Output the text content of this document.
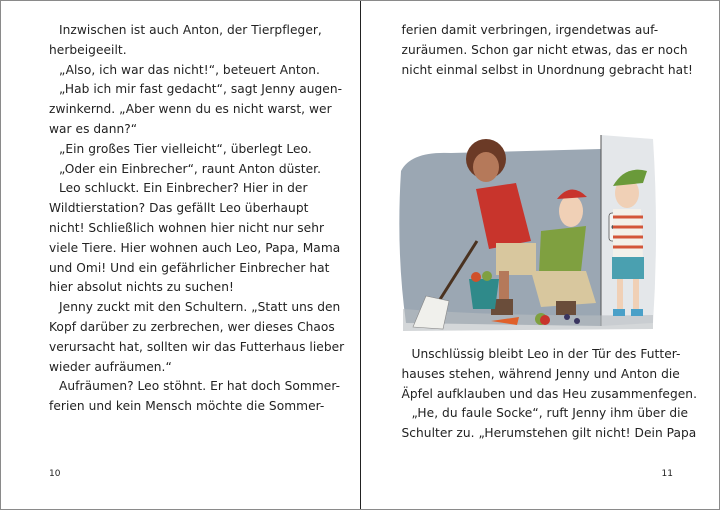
Inzwischen ist auch Anton, der Tierpfleger,
herbeigeeilt.
„Also, ich war das nicht!“, beteuert Anton.
„Hab ich mir fast gedacht“, sagt Jenny augen-
zwinkernd. „Aber wenn du es nicht warst, wer
war es dann?“
„Ein großes Tier vielleicht“, überlegt Leo.
„Oder ein Einbrecher“, raunt Anton düster.
Leo schluckt. Ein Einbrecher? Hier in der
Wildtierstation? Das gefällt Leo überhaupt
nicht! Schließlich wohnen hier nicht nur sehr
viele Tiere. Hier wohnen auch Leo, Papa, Mama
und Omi! Und ein gefährlicher Einbrecher hat
hier absolut nichts zu suchen!
Jenny zuckt mit den Schultern. „Statt uns den
Kopf darüber zu zerbrechen, wer dieses Chaos
verursacht hat, sollten wir das Futterhaus lieber
wieder aufräumen.“
Aufräumen? Leo stöhnt. Er hat doch Sommer-
ferien und kein Mensch möchte die Sommer-
10
ferien damit verbringen, irgendetwas auf-
zuräumen. Schon gar nicht etwas, das er noch
nicht einmal selbst in Unordnung gebracht hat!
Unschlüssig bleibt Leo in der Tür des Futter-
hauses stehen, während Jenny und Anton die
Äpfel aufklauben und das Heu zusammenfegen.
„He, du faule Socke“, ruft Jenny ihm über die
Schulter zu. „Herumstehen gilt nicht! Dein Papa
11
